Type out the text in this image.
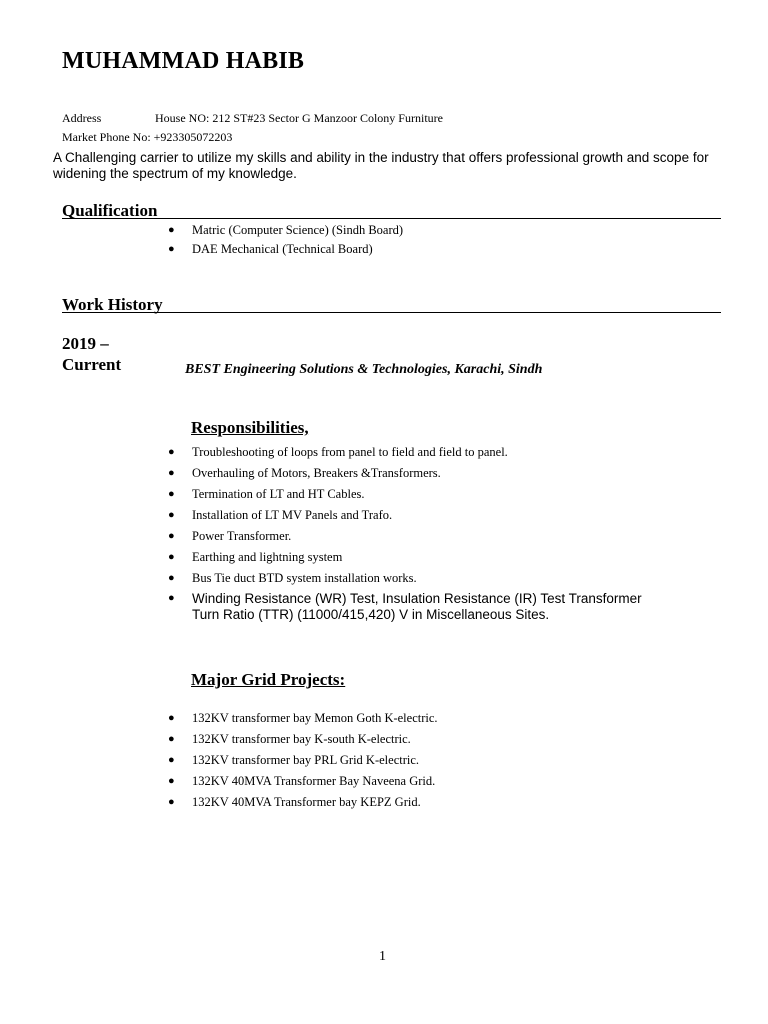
MUHAMMAD HABIB
Address	House NO: 212 ST#23 Sector G Manzoor Colony Furniture
Market Phone No: +923305072203
A Challenging carrier to utilize my skills and ability in the industry that offers professional growth and scope for widening the spectrum of my knowledge.
Qualification
● Matric (Computer Science) (Sindh Board)
● DAE Mechanical (Technical Board)
Work History
2019 – Current	BEST Engineering Solutions & Technologies, Karachi, Sindh
Responsibilities,
● Troubleshooting of loops from panel to field and field to panel.
● Overhauling of Motors, Breakers &Transformers.
● Termination of LT and HT Cables.
● Installation of LT MV Panels and Trafo.
● Power Transformer.
● Earthing and lightning system
● Bus Tie duct BTD system installation works.
● Winding Resistance (WR) Test, Insulation Resistance (IR) Test Transformer Turn Ratio (TTR) (11000/415,420) V in Miscellaneous Sites.
Major Grid Projects:
● 132KV transformer bay Memon Goth K-electric.
● 132KV transformer bay K-south K-electric.
● 132KV transformer bay PRL Grid K-electric.
● 132KV 40MVA Transformer Bay Naveena Grid.
● 132KV 40MVA Transformer bay KEPZ Grid.
1
